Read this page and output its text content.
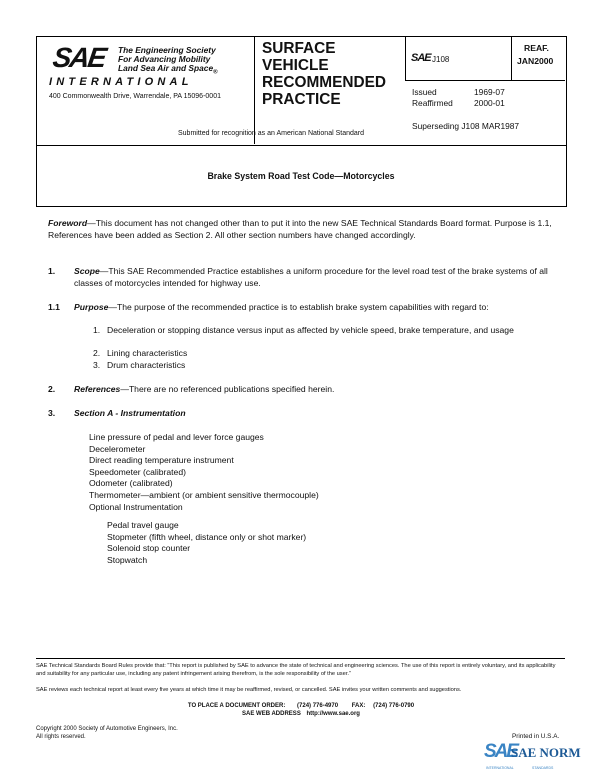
SAE The Engineering Society
For Advancing Mobility
Land Sea Air and Space$_®$
INTERNATIONAL
400 Commonwealth Drive, Warrendale, PA 15096-0001
SURFACE
VEHICLE
RECOMMENDED
PRACTICE
SAE J108
REAF.
JAN2000
Issued	1969-07
Reaffirmed	2000-01
Superseding J108 MAR1987
Submitted for recognition as an American National Standard
Brake System Road Test Code—Motorcycles
Foreword—This document has not changed other than to put it into the new SAE Technical Standards Board format. Purpose is 1.1, References have been added as Section 2. All other section numbers have changed accordingly.
1. Scope—This SAE Recommended Practice establishes a uniform procedure for the level road test of the brake systems of all classes of motorcycles intended for highway use.
1.1 Purpose—The purpose of the recommended practice is to establish brake system capabilities with regard to:
1. Deceleration or stopping distance versus input as affected by vehicle speed, brake temperature, and usage
2. Lining characteristics
3. Drum characteristics
2. References—There are no referenced publications specified herein.
3. Section A - Instrumentation
Line pressure of pedal and lever force gauges
Decelerometer
Direct reading temperature instrument
Speedometer (calibrated)
Odometer (calibrated)
Thermometer—ambient (or ambient sensitive thermocouple)
Optional Instrumentation
Pedal travel gauge
Stopmeter (fifth wheel, distance only or shot marker)
Solenoid stop counter
Stopwatch
SAE Technical Standards Board Rules provide that: “This report is published by SAE to advance the state of technical and engineering sciences. The use of this report is entirely voluntary, and its applicability and suitability for any particular use, including any patent infringement arising therefrom, is the sole responsibility of the user.”
SAE reviews each technical report at least every five years at which time it may be reaffirmed, revised, or cancelled. SAE invites your written comments and suggestions.
TO PLACE A DOCUMENT ORDER: (724) 776-4970 FAX: (724) 776-0790
SAE WEB ADDRESS http://www.sae.org
Copyright 2000 Society of Automotive Engineers, Inc.
All rights reserved.	Printed in U.S.A.
SAE
SAE NORM
INTERNATIONAL	STANDARDS
